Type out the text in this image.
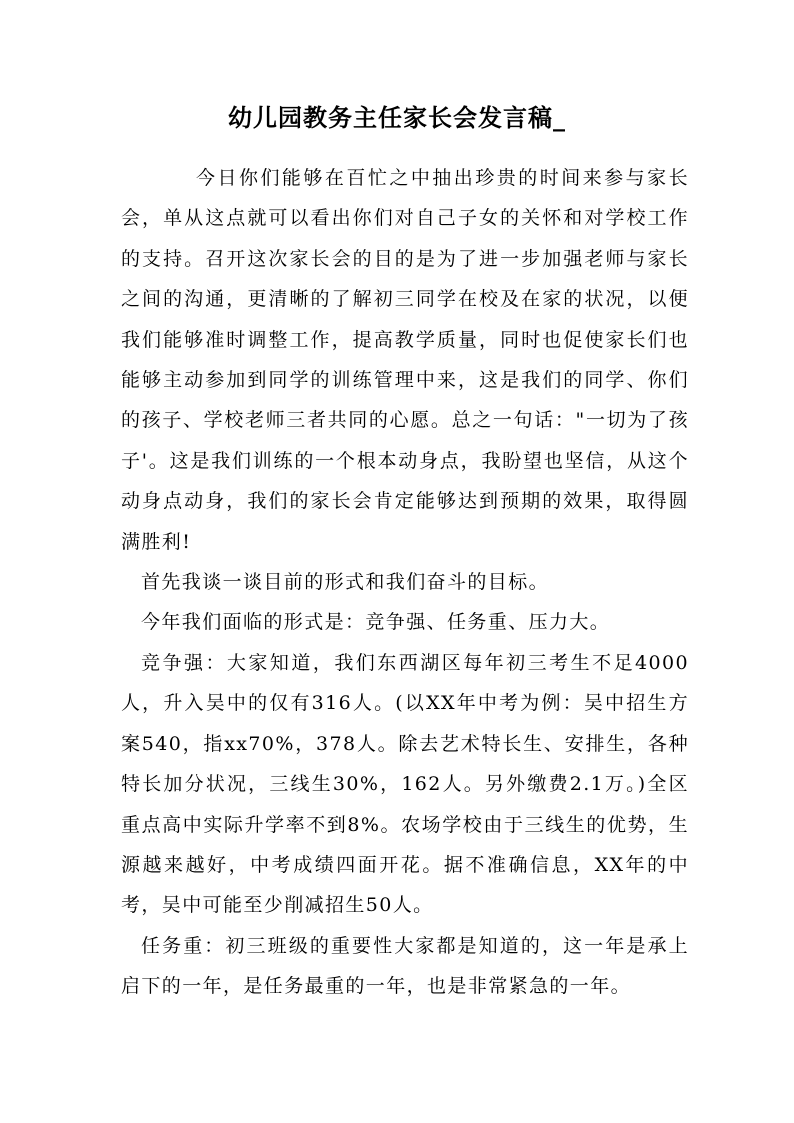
幼儿园教务主任家长会发言稿_

今日你们能够在百忙之中抽出珍贵的时间来参与家长会，单从这点就可以看出你们对自己子女的关怀和对学校工作的支持。召开这次家长会的目的是为了进一步加强老师与家长之间的沟通，更清晰的了解初三同学在校及在家的状况，以便我们能够准时调整工作，提高教学质量，同时也促使家长们也能够主动参加到同学的训练管理中来，这是我们的同学、你们的孩子、学校老师三者共同的心愿。总之一句话："一切为了孩子'。这是我们训练的一个根本动身点，我盼望也坚信，从这个动身点动身，我们的家长会肯定能够达到预期的效果，取得圆满胜利!

首先我谈一谈目前的形式和我们奋斗的目标。

今年我们面临的形式是：竞争强、任务重、压力大。

竞争强：大家知道，我们东西湖区每年初三考生不足4000人，升入吴中的仅有316人。(以XX年中考为例：吴中招生方案540，指xx70%，378人。除去艺术特长生、安排生，各种特长加分状况，三线生30%，162人。另外缴费2.1万。)全区重点高中实际升学率不到8%。农场学校由于三线生的优势，生源越来越好，中考成绩四面开花。据不准确信息，XX年的中考，吴中可能至少削减招生50人。

任务重：初三班级的重要性大家都是知道的，这一年是承上启下的一年，是任务最重的一年，也是非常紧急的一年。
